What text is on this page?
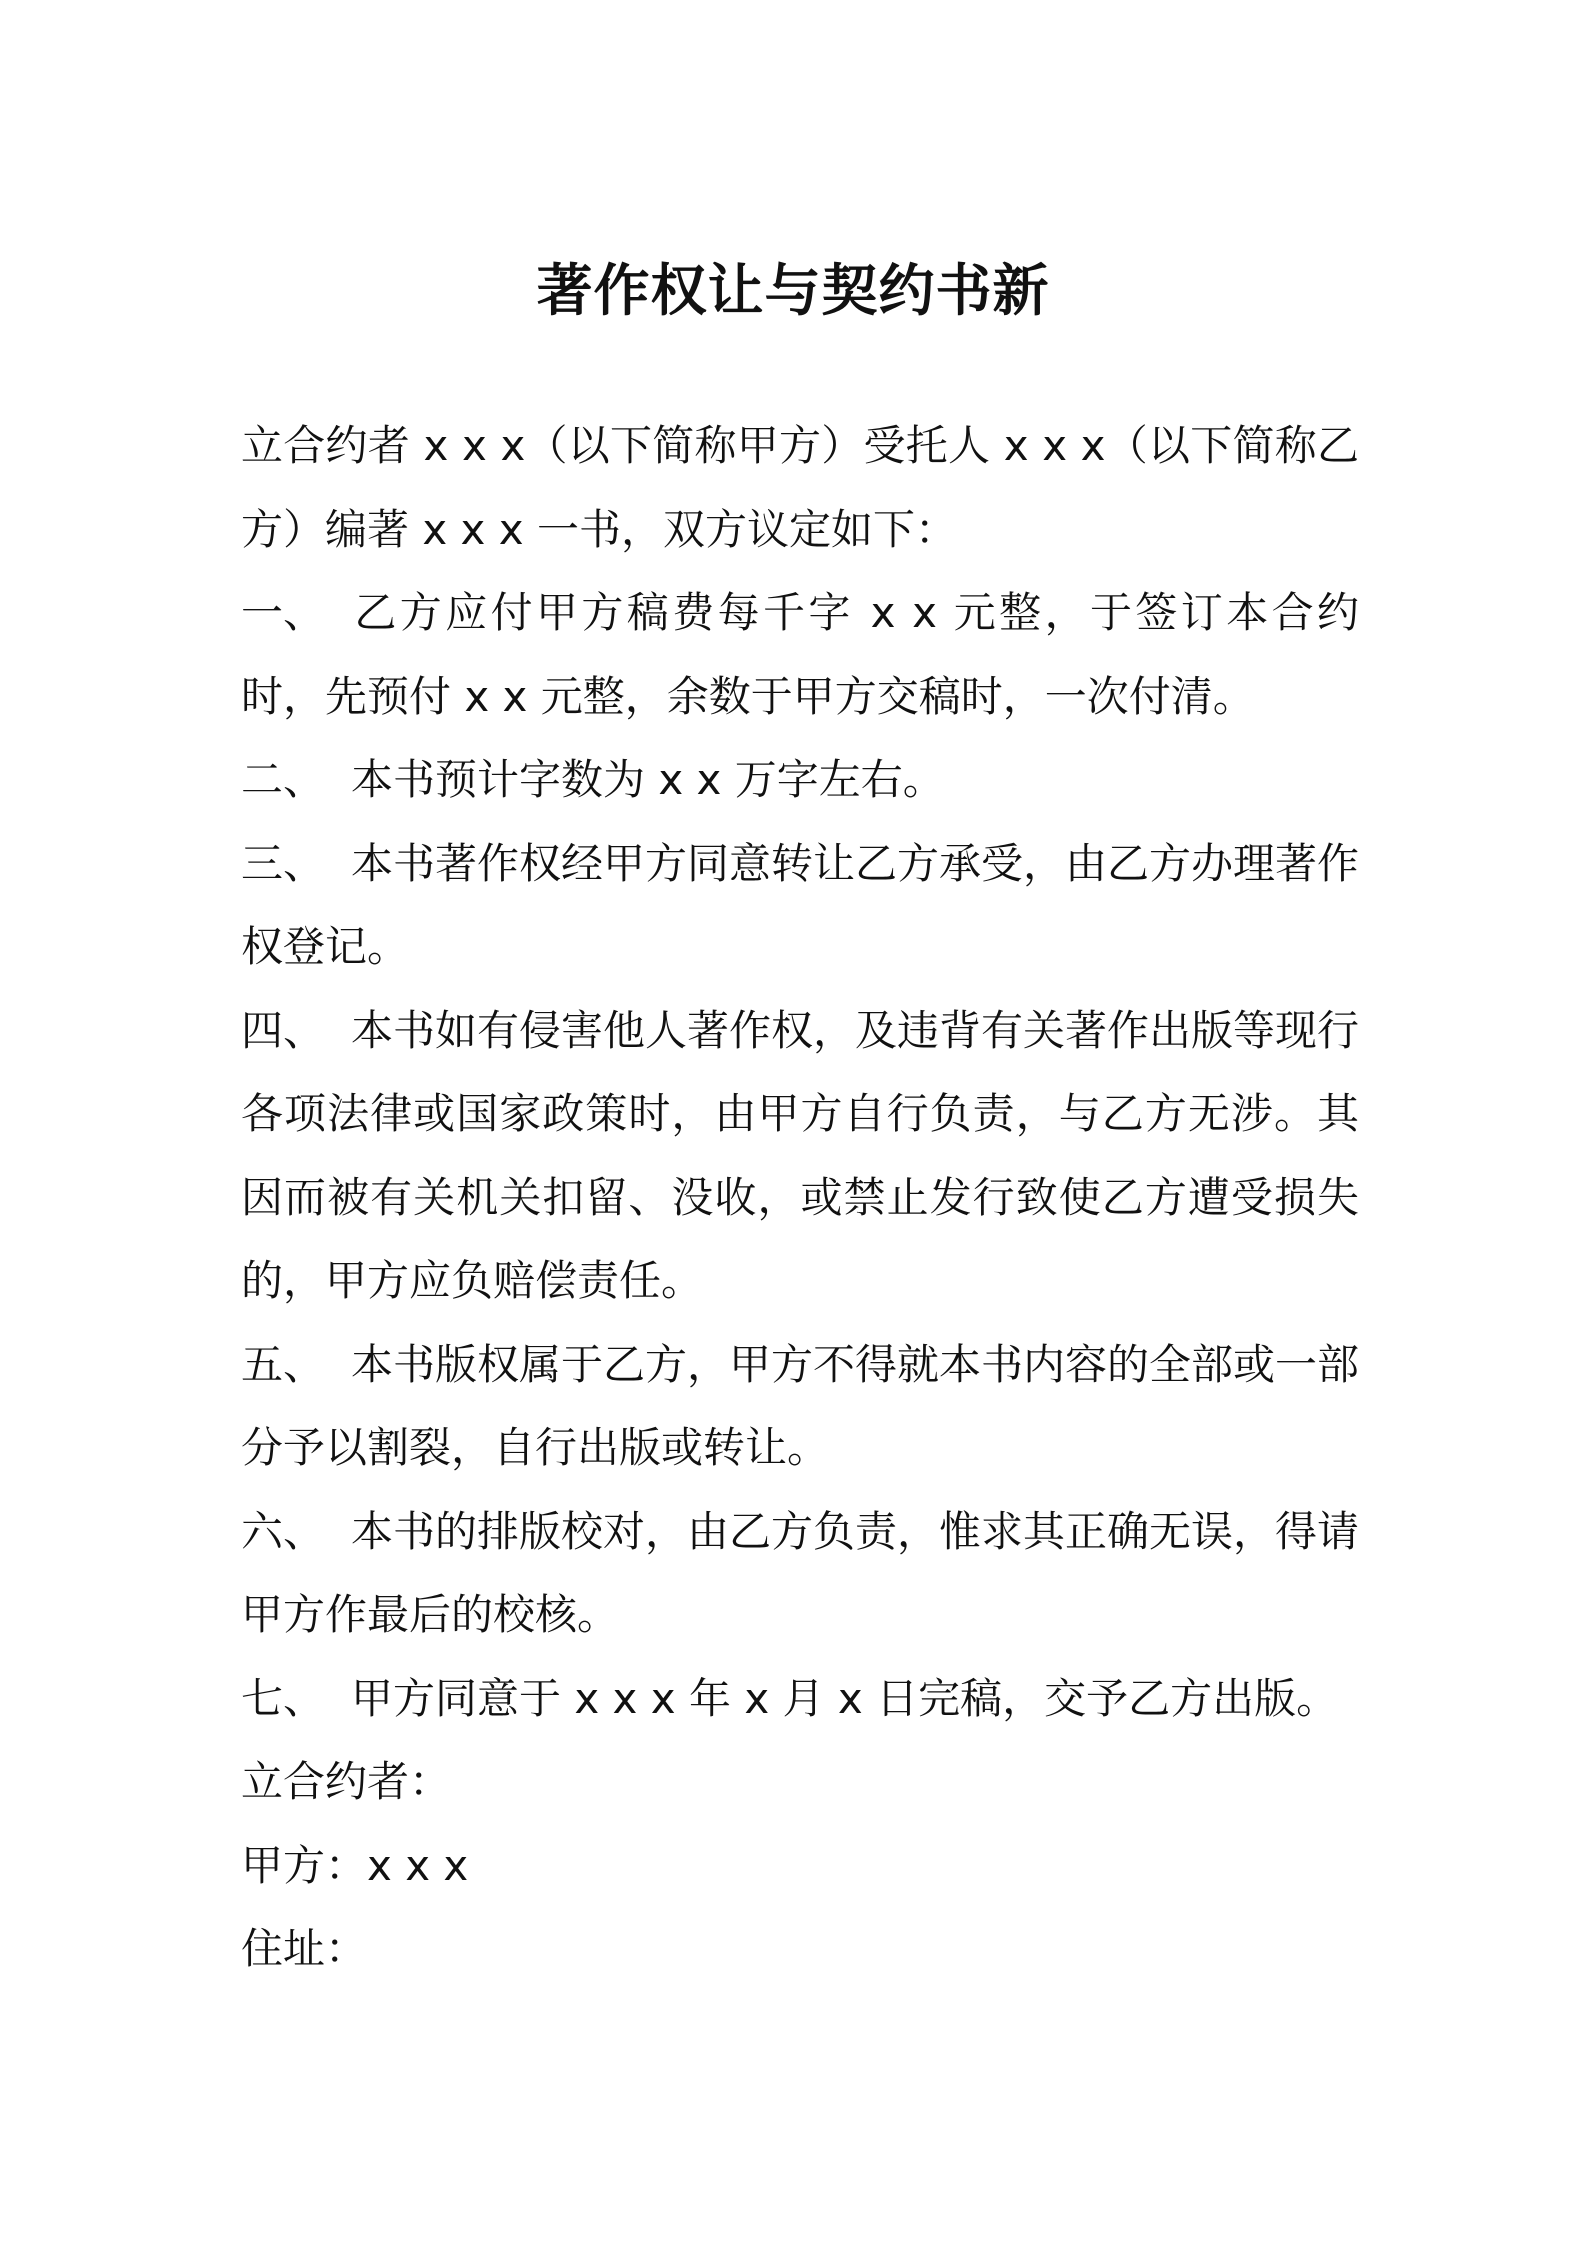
著作权让与契约书新

立合约者 x x x（以下简称甲方）受托人 x x x（以下简称乙方）编著 x x x 一书，双方议定如下：

一、 乙方应付甲方稿费每千字 x x 元整，于签订本合约时，先预付 x x 元整，余数于甲方交稿时，一次付清。

二、 本书预计字数为 x x 万字左右。

三、 本书著作权经甲方同意转让乙方承受，由乙方办理著作权登记。

四、 本书如有侵害他人著作权，及违背有关著作出版等现行各项法律或国家政策时，由甲方自行负责，与乙方无涉。其因而被有关机关扣留、没收，或禁止发行致使乙方遭受损失的，甲方应负赔偿责任。

五、 本书版权属于乙方，甲方不得就本书内容的全部或一部分予以割裂，自行出版或转让。

六、 本书的排版校对，由乙方负责，惟求其正确无误，得请甲方作最后的校核。

七、 甲方同意于 x x x 年 x 月 x 日完稿，交予乙方出版。

立合约者：

甲方：x x x

住址：
